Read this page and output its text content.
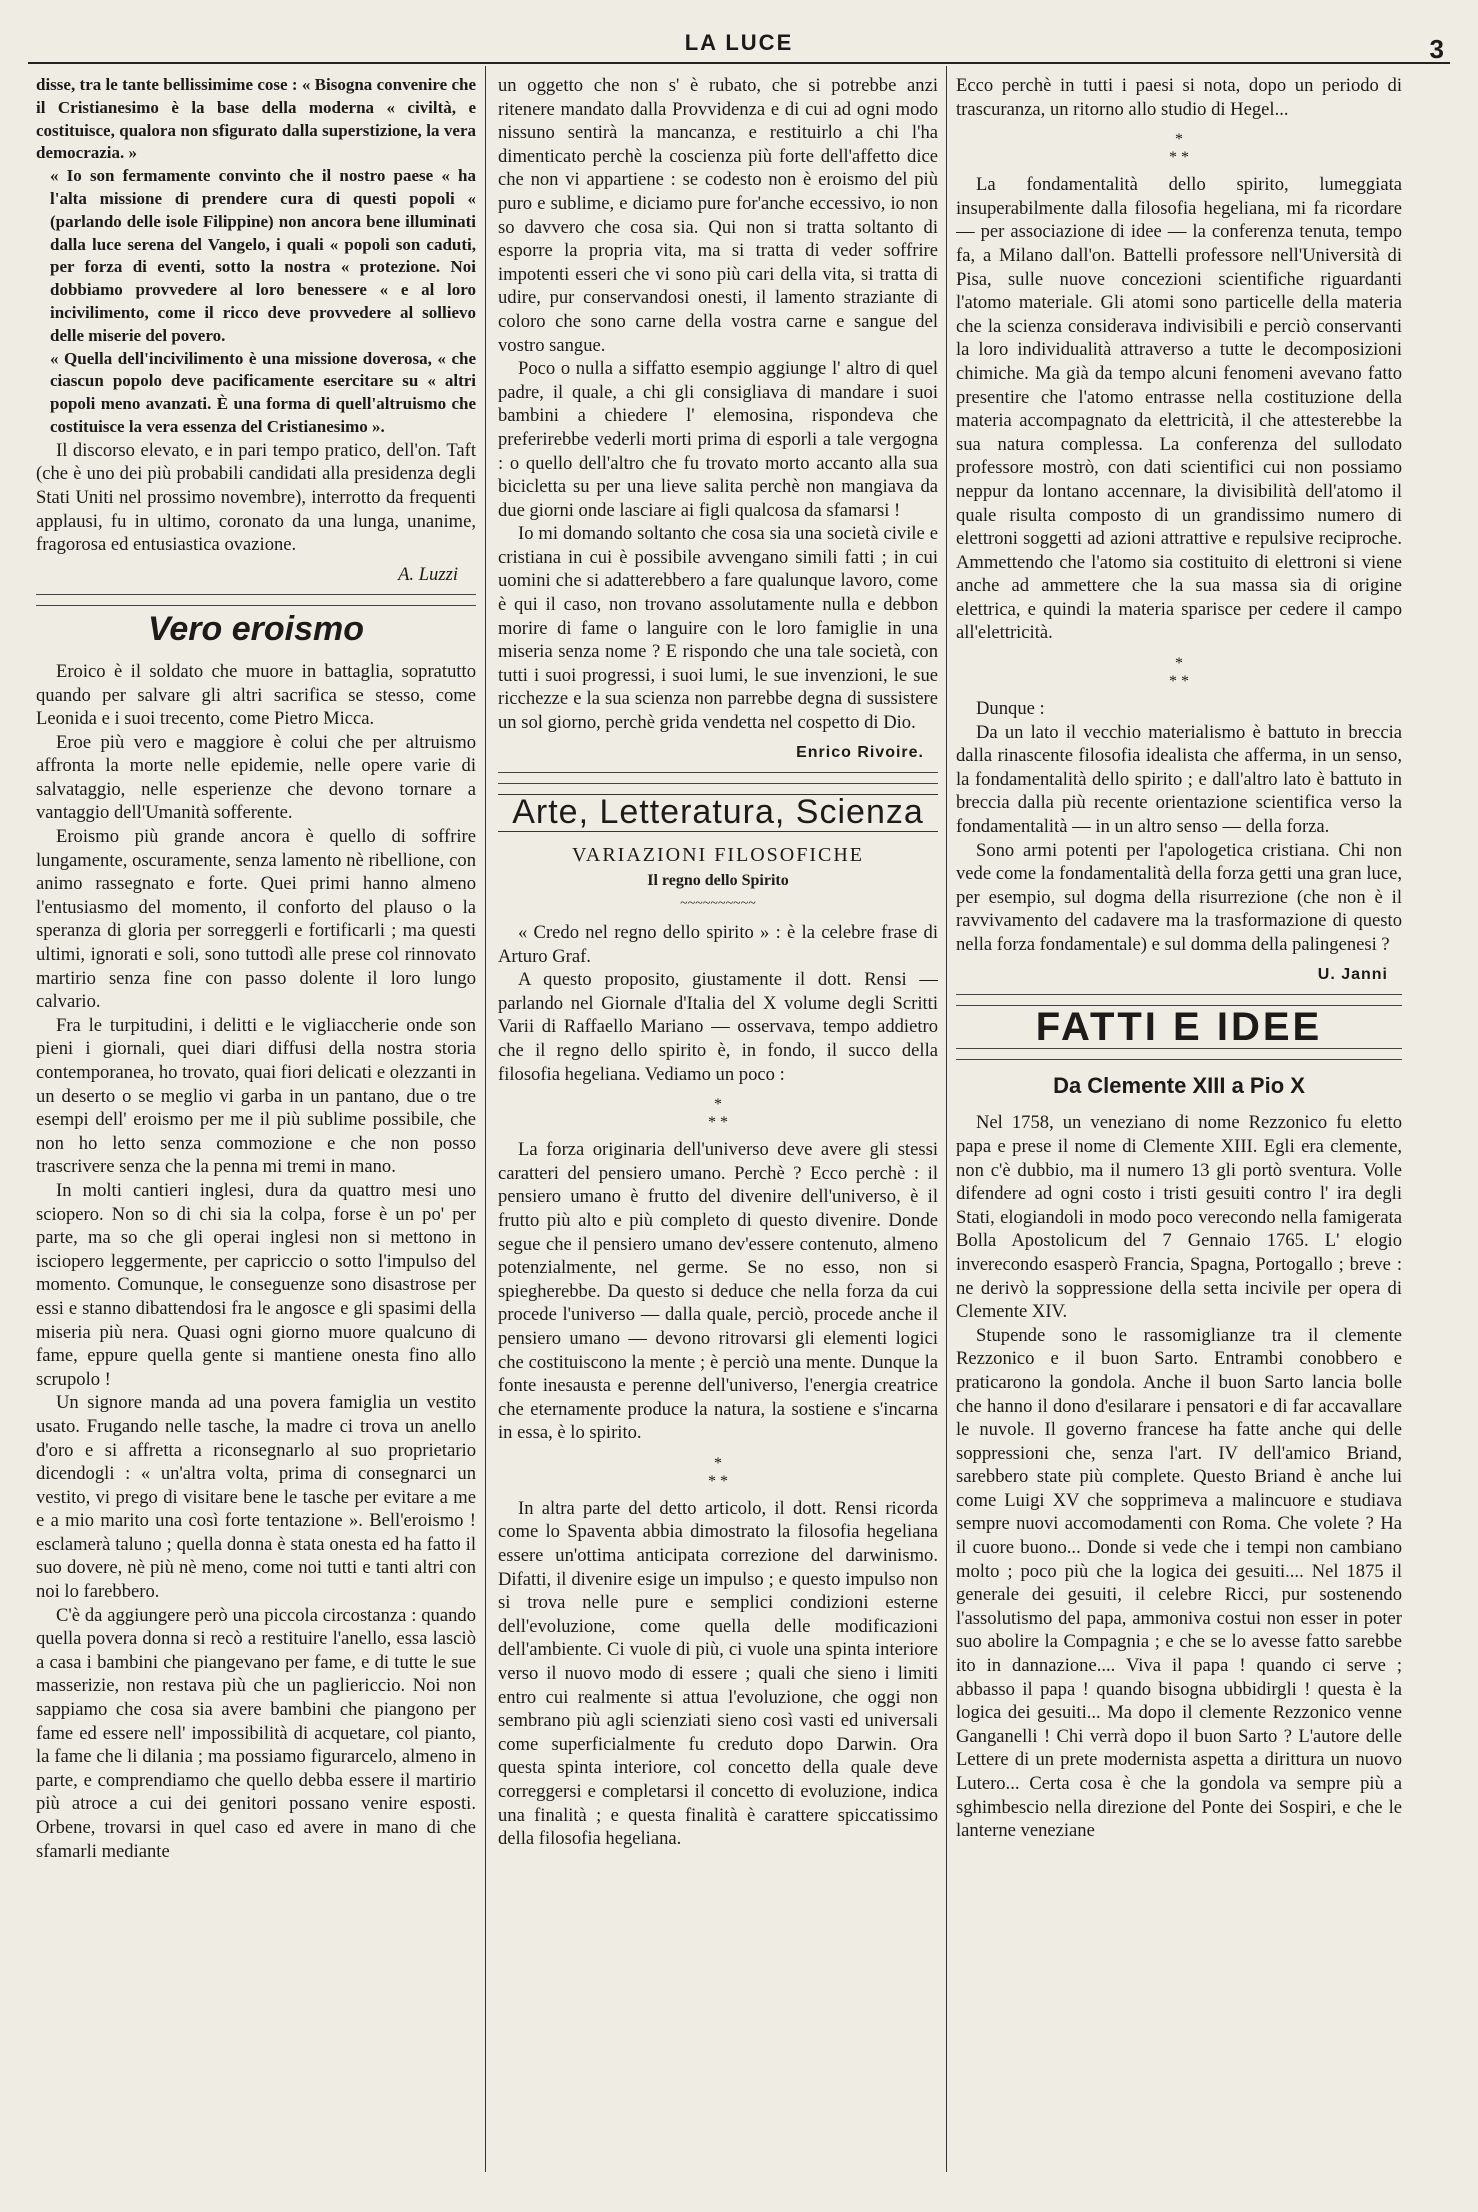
LA LUCE	3

disse, tra le tante bellissimime cose : « Bisogna convenire che il Cristianesimo è la base della moderna « civiltà, e costituisce, qualora non sfigurato dalla superstizione, la vera democrazia. »

« Io son fermamente convinto che il nostro paese « ha l'alta missione di prendere cura di questi popoli « (parlando delle isole Filippine) non ancora bene illuminati dalla luce serena del Vangelo, i quali « popoli son caduti, per forza di eventi, sotto la nostra « protezione. Noi dobbiamo provvedere al loro benessere « e al loro incivilimento, come il ricco deve provvedere al sollievo delle miserie del povero.

« Quella dell'incivilimento è una missione doverosa, « che ciascun popolo deve pacificamente esercitare su « altri popoli meno avanzati. È una forma di quell'altruismo che costituisce la vera essenza del Cristianesimo ».

Il discorso elevato, e in pari tempo pratico, dell'on. Taft (che è uno dei più probabili candidati alla presidenza degli Stati Uniti nel prossimo novembre), interrotto da frequenti applausi, fu in ultimo, coronato da una lunga, unanime, fragorosa ed entusiastica ovazione.

A. Luzzi
Vero eroismo

Eroico è il soldato che muore in battaglia, sopratutto quando per salvare gli altri sacrifica se stesso, come Leonida e i suoi trecento, come Pietro Micca.

Eroe più vero e maggiore è colui che per altruismo affronta la morte nelle epidemie, nelle opere varie di salvataggio, nelle esperienze che devono tornare a vantaggio dell'Umanità sofferente.

Eroismo più grande ancora è quello di soffrire lungamente, oscuramente, senza lamento nè ribellione, con animo rassegnato e forte. Quei primi hanno almeno l'entusiasmo del momento, il conforto del plauso o la speranza di gloria per sorreggerli e fortificarli ; ma questi ultimi, ignorati e soli, sono tuttodì alle prese col rinnovato martirio senza fine con passo dolente il loro lungo calvario.

Fra le turpitudini, i delitti e le vigliaccherie onde son pieni i giornali, quei diari diffusi della nostra storia contemporanea, ho trovato, quai fiori delicati e olezzanti in un deserto o se meglio vi garba in un pantano, due o tre esempi dell' eroismo per me il più sublime possibile, che non ho letto senza commozione e che non posso trascrivere senza che la penna mi tremi in mano.

In molti cantieri inglesi, dura da quattro mesi uno sciopero. Non so di chi sia la colpa, forse è un po' per parte, ma so che gli operai inglesi non si mettono in isciopero leggermente, per capriccio o sotto l'impulso del momento. Comunque, le conseguenze sono disastrose per essi e stanno dibattendosi fra le angosce e gli spasimi della miseria più nera. Quasi ogni giorno muore qualcuno di fame, eppure quella gente si mantiene onesta fino allo scrupolo !

Un signore manda ad una povera famiglia un vestito usato. Frugando nelle tasche, la madre ci trova un anello d'oro e si affretta a riconsegnarlo al suo proprietario dicendogli : « un'altra volta, prima di consegnarci un vestito, vi prego di visitare bene le tasche per evitare a me e a mio marito una così forte tentazione ». Bell'eroismo ! esclamerà taluno ; quella donna è stata onesta ed ha fatto il suo dovere, nè più nè meno, come noi tutti e tanti altri con noi lo farebbero.

C'è da aggiungere però una piccola circostanza : quando quella povera donna si recò a restituire l'anello, essa lasciò a casa i bambini che piangevano per fame, e di tutte le sue masserizie, non restava più che un pagliericcio. Noi non sappiamo che cosa sia avere bambini che piangono per fame ed essere nell' impossibilità di acquetare, col pianto, la fame che li dilania ; ma possiamo figurarcelo, almeno in parte, e comprendiamo che quello debba essere il martirio più atroce a cui dei genitori possano venire esposti. Orbene, trovarsi in quel caso ed avere in mano di che sfamarli mediante

un oggetto che non s' è rubato, che si potrebbe anzi ritenere mandato dalla Provvidenza e di cui ad ogni modo nissuno sentirà la mancanza, e restituirlo a chi l'ha dimenticato perchè la coscienza più forte dell'affetto dice che non vi appartiene : se codesto non è eroismo del più puro e sublime, e diciamo pure for'anche eccessivo, io non so davvero che cosa sia. Qui non si tratta soltanto di esporre la propria vita, ma si tratta di veder soffrire impotenti esseri che vi sono più cari della vita, si tratta di udire, pur conservandosi onesti, il lamento straziante di coloro che sono carne della vostra carne e sangue del vostro sangue.

Poco o nulla a siffatto esempio aggiunge l' altro di quel padre, il quale, a chi gli consigliava di mandare i suoi bambini a chiedere l' elemosina, rispondeva che preferirebbe vederli morti prima di esporli a tale vergogna : o quello dell'altro che fu trovato morto accanto alla sua bicicletta su per una lieve salita perchè non mangiava da due giorni onde lasciare ai figli qualcosa da sfamarsi !

Io mi domando soltanto che cosa sia una società civile e cristiana in cui è possibile avvengano simili fatti ; in cui uomini che si adatterebbero a fare qualunque lavoro, come è qui il caso, non trovano assolutamente nulla e debbon morire di fame o languire con le loro famiglie in una miseria senza nome ? E rispondo che una tale società, con tutti i suoi progressi, i suoi lumi, le sue invenzioni, le sue ricchezze e la sua scienza non parrebbe degna di sussistere un sol giorno, perchè grida vendetta nel cospetto di Dio.

Enrico Rivoire.
Arte, Letteratura, Scienza
VARIAZIONI FILOSOFICHE
Il regno dello Spirito
~~~~~~~~~~

« Credo nel regno dello spirito » : è la celebre frase di Arturo Graf.

A questo proposito, giustamente il dott. Rensi — parlando nel Giornale d'Italia del X volume degli Scritti Varii di Raffaello Mariano — osservava, tempo addietro che il regno dello spirito è, in fondo, il succo della filosofia hegeliana. Vediamo un poco :

*
* *

La forza originaria dell'universo deve avere gli stessi caratteri del pensiero umano. Perchè ? Ecco perchè : il pensiero umano è frutto del divenire dell'universo, è il frutto più alto e più completo di questo divenire. Donde segue che il pensiero umano dev'essere contenuto, almeno potenzialmente, nel germe. Se no esso, non si spiegherebbe. Da questo si deduce che nella forza da cui procede l'universo — dalla quale, perciò, procede anche il pensiero umano — devono ritrovarsi gli elementi logici che costituiscono la mente ; è perciò una mente. Dunque la fonte inesausta e perenne dell'universo, l'energia creatrice che eternamente produce la natura, la sostiene e s'incarna in essa, è lo spirito.

*
* *

In altra parte del detto articolo, il dott. Rensi ricorda come lo Spaventa abbia dimostrato la filosofia hegeliana essere un'ottima anticipata correzione del darwinismo. Difatti, il divenire esige un impulso ; e questo impulso non si trova nelle pure e semplici condizioni esterne dell'evoluzione, come quella delle modificazioni dell'ambiente. Ci vuole di più, ci vuole una spinta interiore verso il nuovo modo di essere ; quali che sieno i limiti entro cui realmente si attua l'evoluzione, che oggi non sembrano più agli scienziati sieno così vasti ed universali come superficialmente fu creduto dopo Darwin. Ora questa spinta interiore, col concetto della quale deve correggersi e completarsi il concetto di evoluzione, indica una finalità ; e questa finalità è carattere spiccatissimo della filosofia hegeliana.

Ecco perchè in tutti i paesi si nota, dopo un periodo di trascuranza, un ritorno allo studio di Hegel...

*
* *

La fondamentalità dello spirito, lumeggiata insuperabilmente dalla filosofia hegeliana, mi fa ricordare — per associazione di idee — la conferenza tenuta, tempo fa, a Milano dall'on. Battelli professore nell'Università di Pisa, sulle nuove concezioni scientifiche riguardanti l'atomo materiale. Gli atomi sono particelle della materia che la scienza considerava indivisibili e perciò conservanti la loro individualità attraverso a tutte le decomposizioni chimiche. Ma già da tempo alcuni fenomeni avevano fatto presentire che l'atomo entrasse nella costituzione della materia accompagnato da elettricità, il che attesterebbe la sua natura complessa. La conferenza del sullodato professore mostrò, con dati scientifici cui non possiamo neppur da lontano accennare, la divisibilità dell'atomo il quale risulta composto di un grandissimo numero di elettroni soggetti ad azioni attrattive e repulsive reciproche. Ammettendo che l'atomo sia costituito di elettroni si viene anche ad ammettere che la sua massa sia di origine elettrica, e quindi la materia sparisce per cedere il campo all'elettricità.

*
* *

Dunque :

Da un lato il vecchio materialismo è battuto in breccia dalla rinascente filosofia idealista che afferma, in un senso, la fondamentalità dello spirito ; e dall'altro lato è battuto in breccia dalla più recente orientazione scientifica verso la fondamentalità — in un altro senso — della forza.

Sono armi potenti per l'apologetica cristiana. Chi non vede come la fondamentalità della forza getti una gran luce, per esempio, sul dogma della risurrezione (che non è il ravvivamento del cadavere ma la trasformazione di questo nella forza fondamentale) e sul domma della palingenesi ?

U. Janni
FATTI E IDEE
Da Clemente XIII a Pio X

Nel 1758, un veneziano di nome Rezzonico fu eletto papa e prese il nome di Clemente XIII. Egli era clemente, non c'è dubbio, ma il numero 13 gli portò sventura. Volle difendere ad ogni costo i tristi gesuiti contro l' ira degli Stati, elogiandoli in modo poco verecondo nella famigerata Bolla Apostolicum del 7 Gennaio 1765. L' elogio inverecondo esasperò Francia, Spagna, Portogallo ; breve : ne derivò la soppressione della setta incivile per opera di Clemente XIV.

Stupende sono le rassomiglianze tra il clemente Rezzonico e il buon Sarto. Entrambi conobbero e praticarono la gondola. Anche il buon Sarto lancia bolle che hanno il dono d'esilarare i pensatori e di far accavallare le nuvole. Il governo francese ha fatte anche qui delle soppressioni che, senza l'art. IV dell'amico Briand, sarebbero state più complete. Questo Briand è anche lui come Luigi XV che sopprimeva a malincuore e studiava sempre nuovi accomodamenti con Roma. Che volete ? Ha il cuore buono... Donde si vede che i tempi non cambiano molto ; poco più che la logica dei gesuiti.... Nel 1875 il generale dei gesuiti, il celebre Ricci, pur sostenendo l'assolutismo del papa, ammoniva costui non esser in poter suo abolire la Compagnia ; e che se lo avesse fatto sarebbe ito in dannazione.... Viva il papa ! quando ci serve ; abbasso il papa ! quando bisogna ubbidirgli ! questa è la logica dei gesuiti... Ma dopo il clemente Rezzonico venne Ganganelli ! Chi verrà dopo il buon Sarto ? L'autore delle Lettere di un prete modernista aspetta a dirittura un nuovo Lutero... Certa cosa è che la gondola va sempre più a sghimbescio nella direzione del Ponte dei Sospiri, e che le lanterne veneziane
